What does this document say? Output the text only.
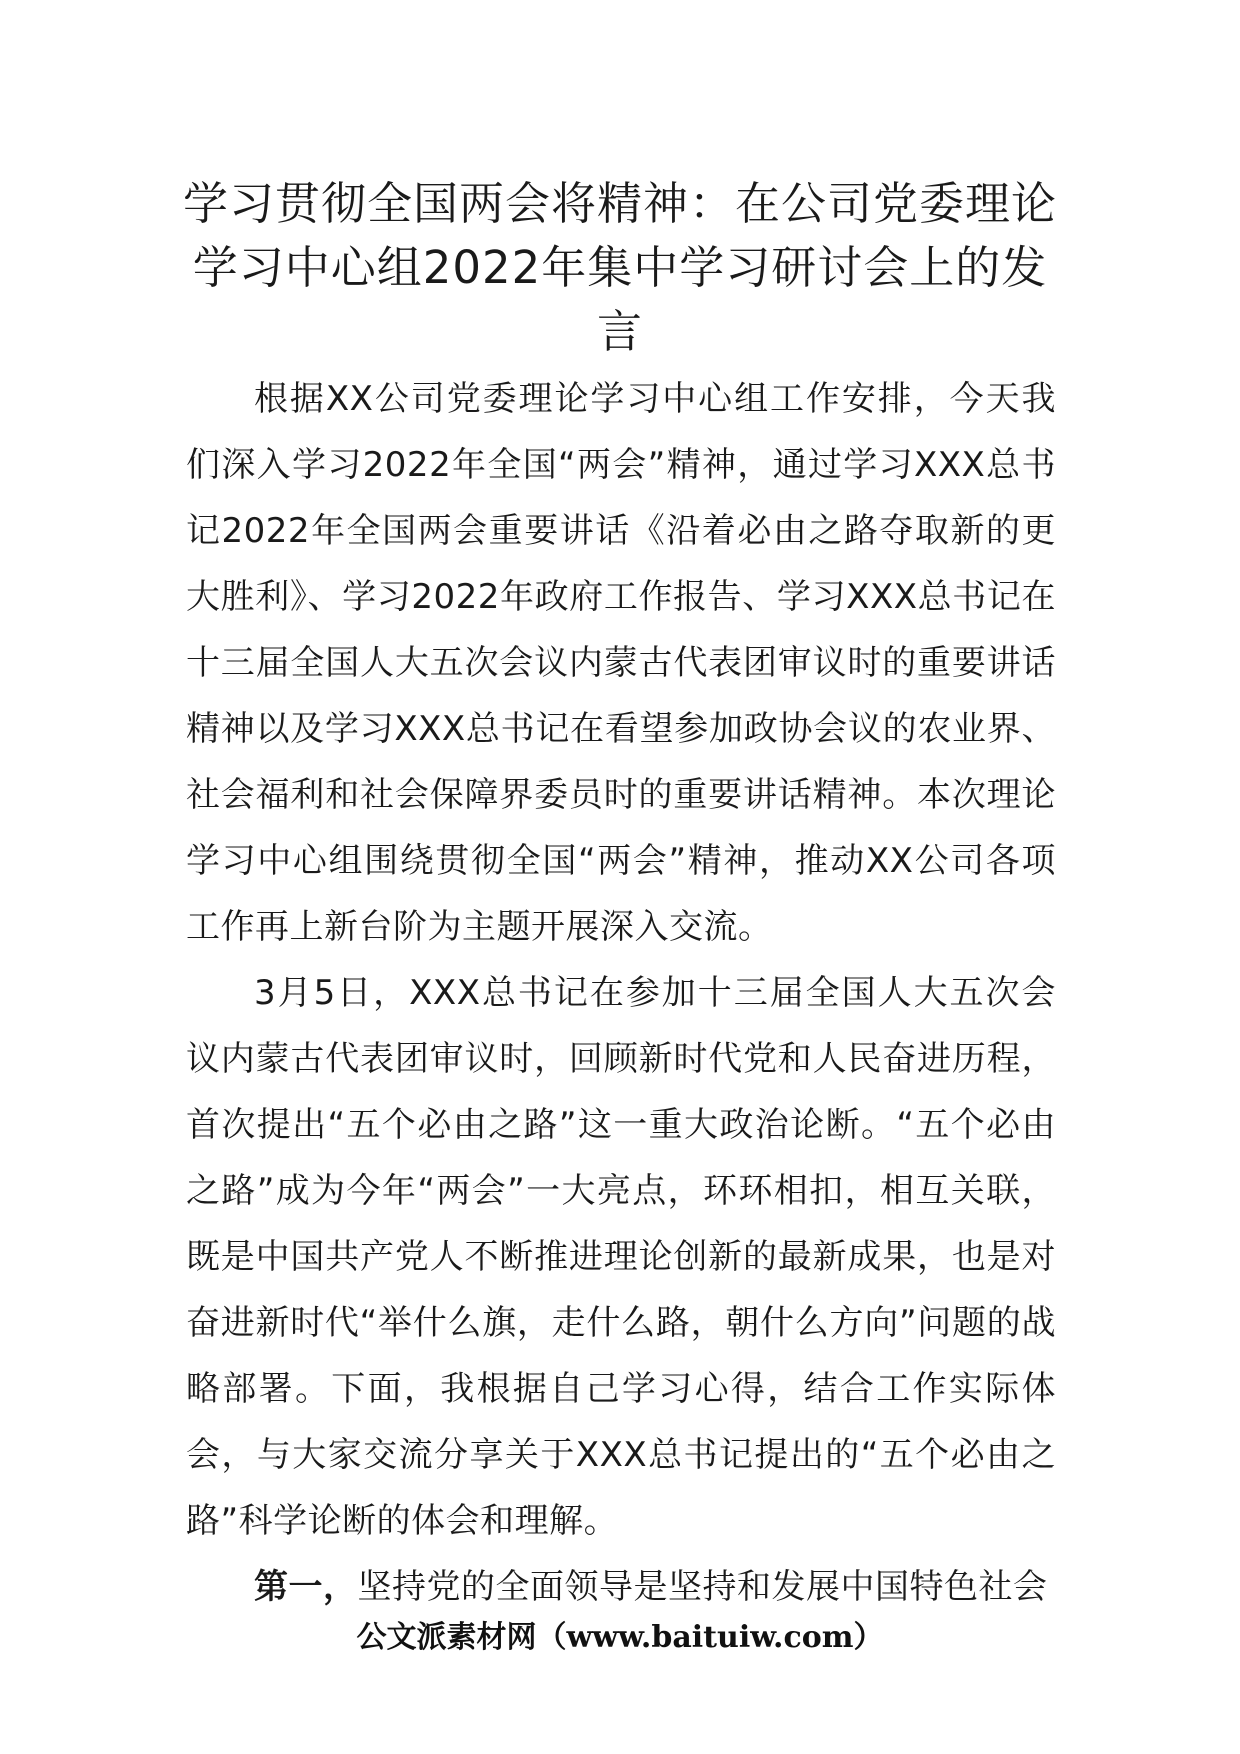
学习贯彻全国两会将精神：在公司党委理论学习中心组2022年集中学习研讨会上的发言

根据XX公司党委理论学习中心组工作安排，今天我们深入学习2022年全国“两会”精神，通过学习XXX总书记2022年全国两会重要讲话《沿着必由之路夺取新的更大胜利》、学习2022年政府工作报告、学习XXX总书记在十三届全国人大五次会议内蒙古代表团审议时的重要讲话精神以及学习XXX总书记在看望参加政协会议的农业界、社会福利和社会保障界委员时的重要讲话精神。本次理论学习中心组围绕贯彻全国“两会”精神，推动XX公司各项工作再上新台阶为主题开展深入交流。

3月5日，XXX总书记在参加十三届全国人大五次会议内蒙古代表团审议时，回顾新时代党和人民奋进历程，首次提出“五个必由之路”这一重大政治论断。“五个必由之路”成为今年“两会”一大亮点，环环相扣，相互关联，既是中国共产党人不断推进理论创新的最新成果，也是对奋进新时代“举什么旗，走什么路，朝什么方向”问题的战略部署。下面，我根据自己学习心得，结合工作实际体会，与大家交流分享关于XXX总书记提出的“五个必由之路”科学论断的体会和理解。

第一，坚持党的全面领导是坚持和发展中国特色社会

公文派素材网（www.baituiw.com）
